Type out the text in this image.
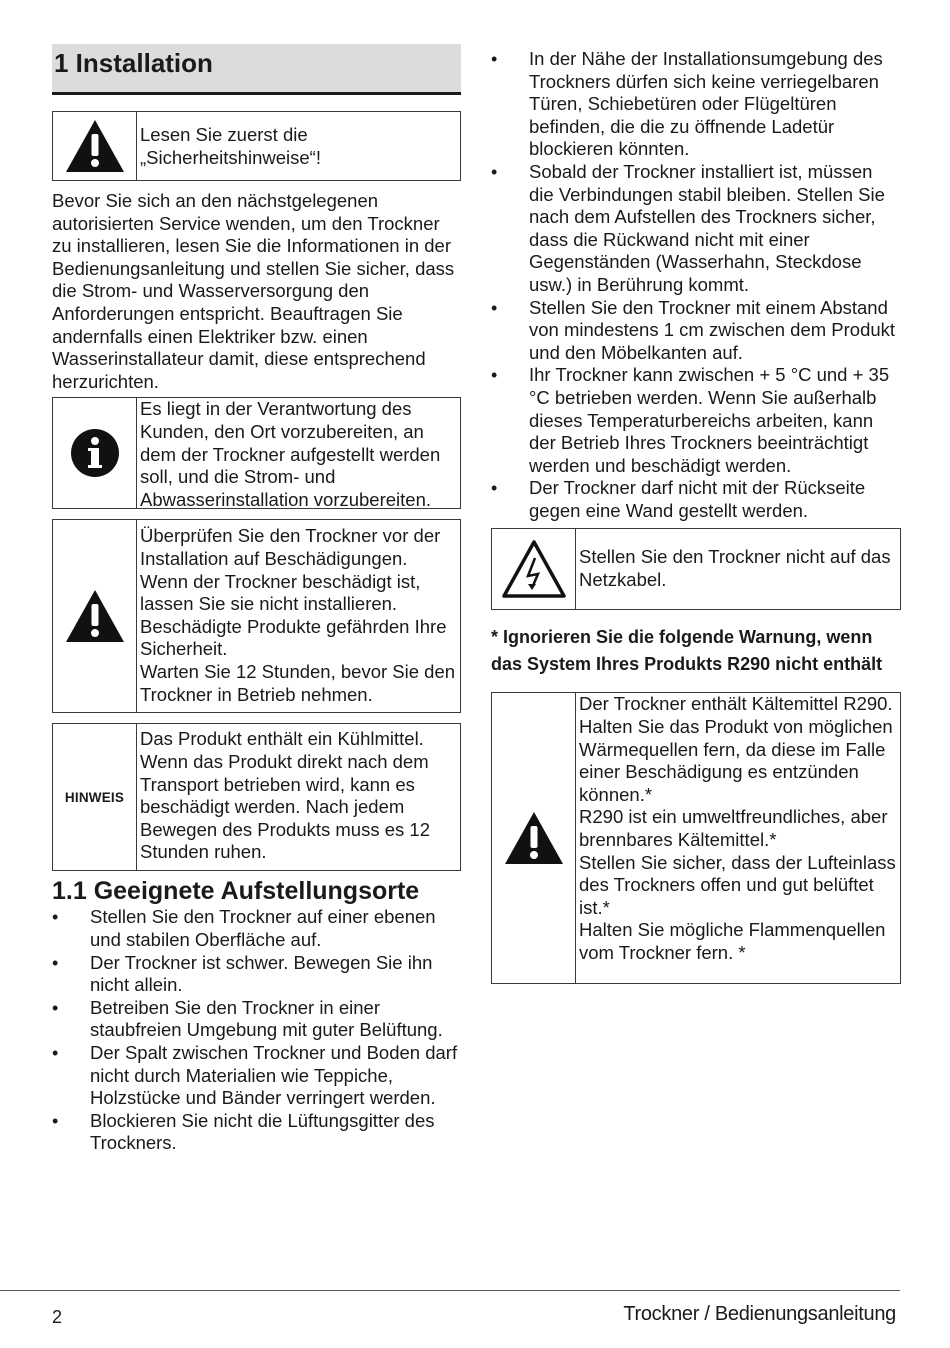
1 Installation
Lesen Sie zuerst die „Sicherheitshinweise“!

Bevor Sie sich an den nächstgelegenen autorisierten Service wenden, um den Trockner zu installieren, lesen Sie die Informationen in der Bedienungsanleitung und stellen Sie sicher, dass die Strom- und Wasserversorgung den Anforderungen entspricht. Beauftragen Sie andernfalls einen Elektriker bzw. einen Wasserinstallateur damit, diese entsprechend herzurichten.

Es liegt in der Verantwortung des Kunden, den Ort vorzubereiten, an dem der Trockner aufgestellt werden soll, und die Strom- und Abwasserinstallation vorzubereiten.
Überprüfen Sie den Trockner vor der Installation auf Beschädigungen. Wenn der Trockner beschädigt ist, lassen Sie sie nicht installieren. Beschädigte Produkte gefährden Ihre Sicherheit.
Warten Sie 12 Stunden, bevor Sie den Trockner in Betrieb nehmen.
HINWEIS
Das Produkt enthält ein Kühlmittel. Wenn das Produkt direkt nach dem Transport betrieben wird, kann es beschädigt werden. Nach jedem Bewegen des Produkts muss es 12 Stunden ruhen.
1.1 Geeignete Aufstellungsorte
•	Stellen Sie den Trockner auf einer ebenen und stabilen Oberfläche auf.
•	Der Trockner ist schwer. Bewegen Sie ihn nicht allein.
•	Betreiben Sie den Trockner in einer staubfreien Umgebung mit guter Belüftung.
•	Der Spalt zwischen Trockner und Boden darf nicht durch Materialien wie Teppiche, Holzstücke und Bänder verringert werden.
•	Blockieren Sie nicht die Lüftungsgitter des Trockners.
•	In der Nähe der Installationsumgebung des Trockners dürfen sich keine verriegelbaren Türen, Schiebetüren oder Flügeltüren befinden, die die zu öffnende Ladetür blockieren könnten.
•	Sobald der Trockner installiert ist, müssen die Verbindungen stabil bleiben. Stellen Sie nach dem Aufstellen des Trockners sicher, dass die Rückwand nicht mit einer Gegenständen (Wasserhahn, Steckdose usw.) in Berührung kommt.
•	Stellen Sie den Trockner mit einem Abstand von mindestens 1 cm zwischen dem Produkt und den Möbelkanten auf.
•	Ihr Trockner kann zwischen + 5 °C und + 35 °C betrieben werden. Wenn Sie außerhalb dieses Temperaturbereichs arbeiten, kann der Betrieb Ihres Trockners beeinträchtigt werden und beschädigt werden.
•	Der Trockner darf nicht mit der Rückseite gegen eine Wand gestellt werden.
Stellen Sie den Trockner nicht auf das Netzkabel.

* Ignorieren Sie die folgende Warnung, wenn das System Ihres Produkts R290 nicht enthält

Der Trockner enthält Kältemittel R290. Halten Sie das Produkt von möglichen Wärmequellen fern, da diese im Falle einer Beschädigung es entzünden können.*
R290 ist ein umweltfreundliches, aber brennbares Kältemittel.*
Stellen Sie sicher, dass der Lufteinlass des Trockners offen und gut belüftet ist.*
Halten Sie mögliche Flammenquellen vom Trockner fern. *
2	Trockner / Bedienungsanleitung
